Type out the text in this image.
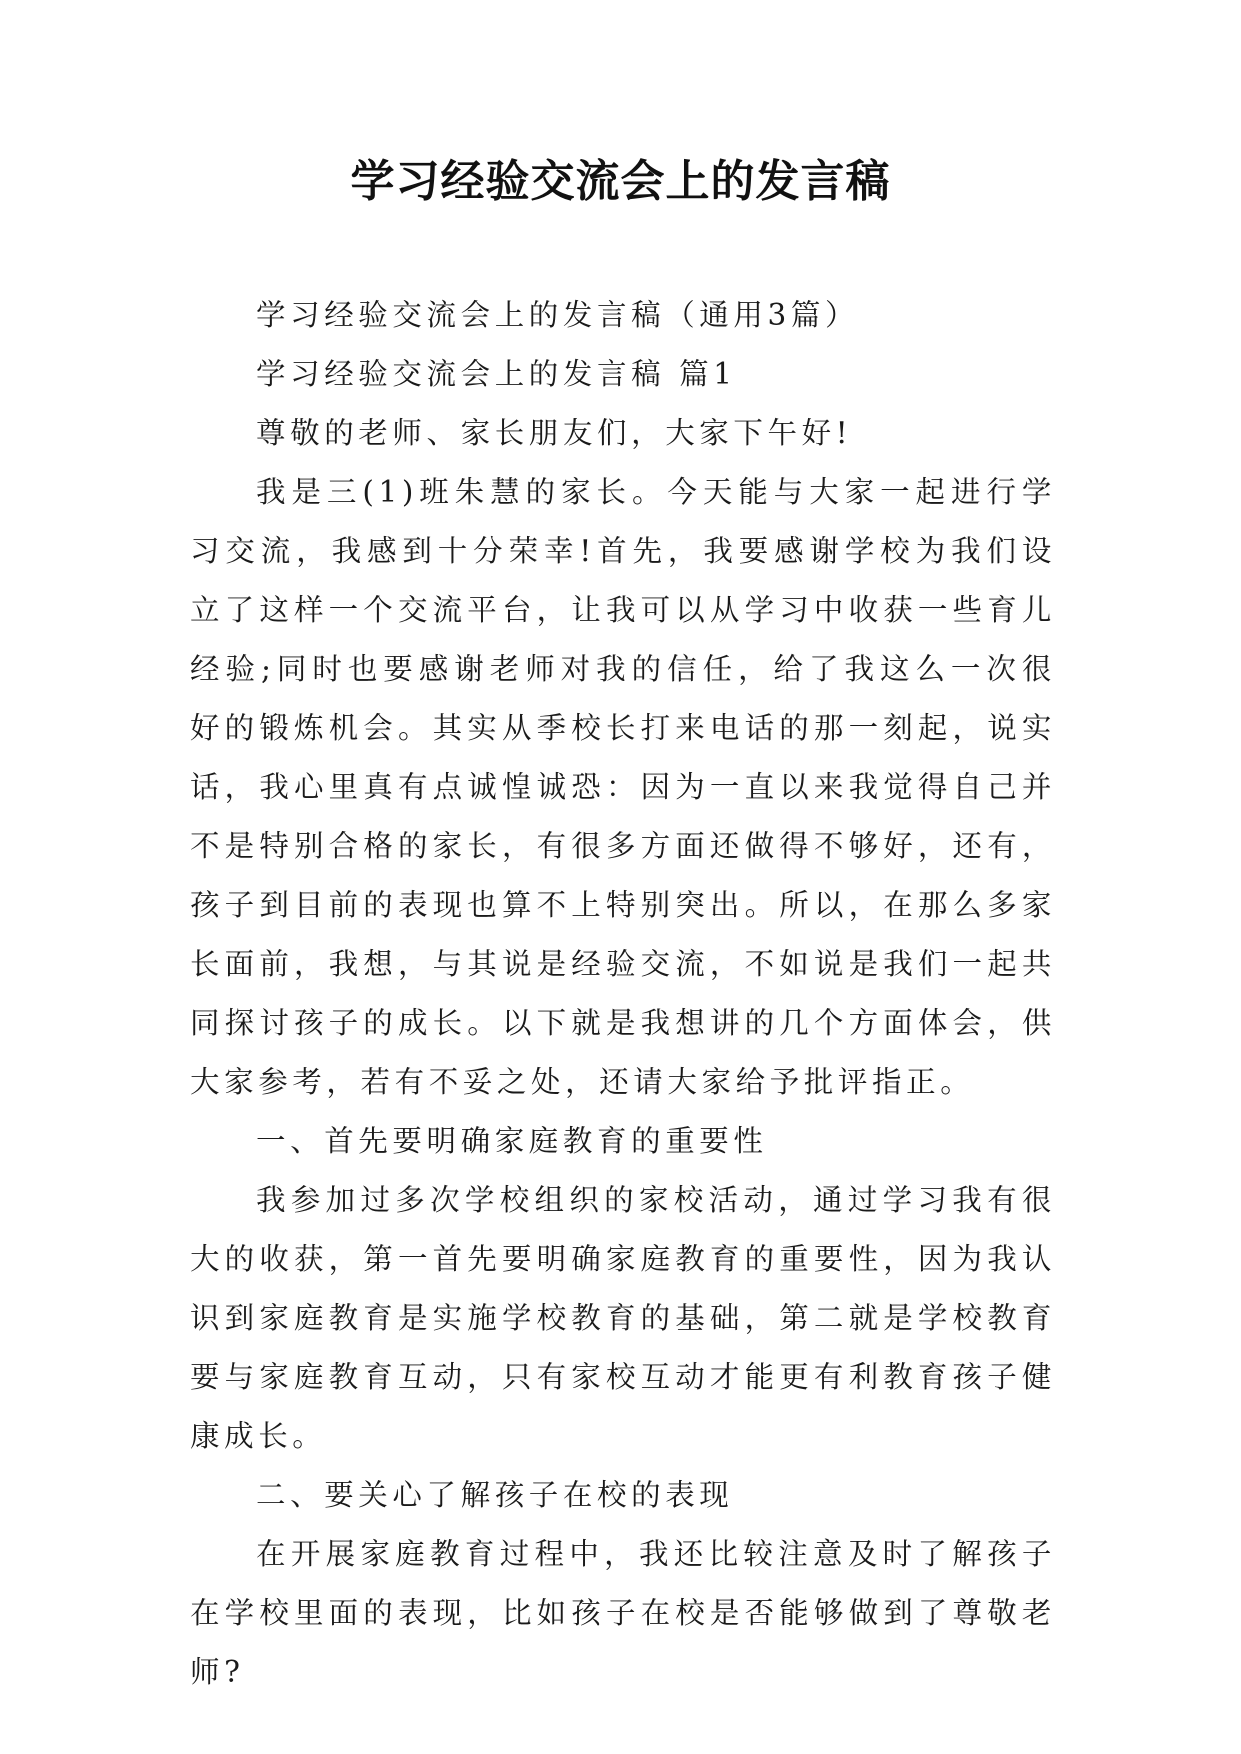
学习经验交流会上的发言稿

学习经验交流会上的发言稿（通用3篇）

学习经验交流会上的发言稿 篇1

尊敬的老师、家长朋友们，大家下午好!

我是三(1)班朱慧的家长。今天能与大家一起进行学习交流，我感到十分荣幸!首先，我要感谢学校为我们设立了这样一个交流平台，让我可以从学习中收获一些育儿经验;同时也要感谢老师对我的信任，给了我这么一次很好的锻炼机会。其实从季校长打来电话的那一刻起，说实话，我心里真有点诚惶诚恐：因为一直以来我觉得自己并不是特别合格的家长，有很多方面还做得不够好，还有，孩子到目前的表现也算不上特别突出。所以，在那么多家长面前，我想，与其说是经验交流，不如说是我们一起共同探讨孩子的成长。以下就是我想讲的几个方面体会，供大家参考，若有不妥之处，还请大家给予批评指正。

一、首先要明确家庭教育的重要性

我参加过多次学校组织的家校活动，通过学习我有很大的收获，第一首先要明确家庭教育的重要性，因为我认识到家庭教育是实施学校教育的基础，第二就是学校教育要与家庭教育互动，只有家校互动才能更有利教育孩子健康成长。

二、要关心了解孩子在校的表现

在开展家庭教育过程中，我还比较注意及时了解孩子在学校里面的表现，比如孩子在校是否能够做到了尊敬老师?
